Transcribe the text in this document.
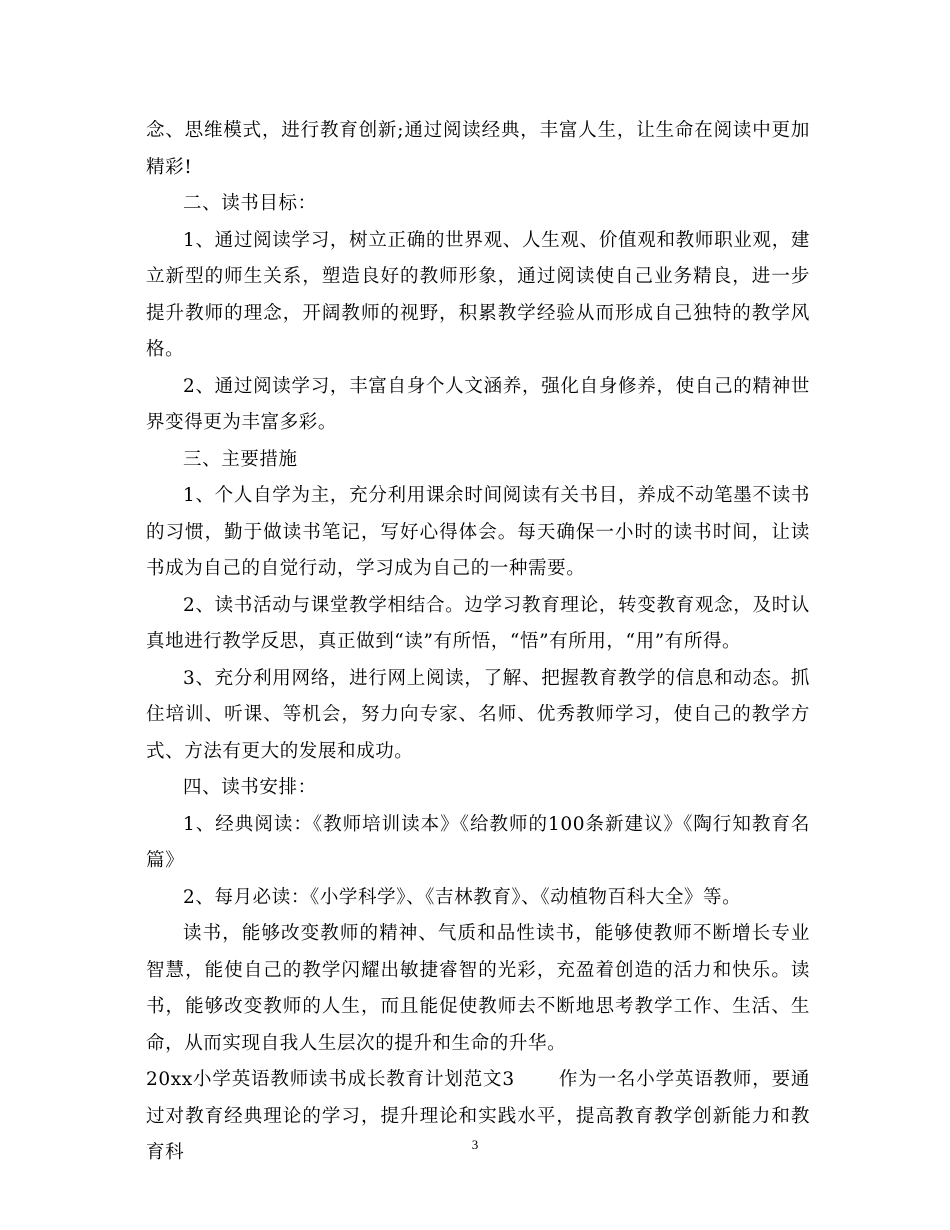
念、思维模式，进行教育创新;通过阅读经典，丰富人生，让生命在阅读中更加精彩!

二、读书目标：

1、通过阅读学习，树立正确的世界观、人生观、价值观和教师职业观，建立新型的师生关系，塑造良好的教师形象，通过阅读使自己业务精良，进一步提升教师的理念，开阔教师的视野，积累教学经验从而形成自己独特的教学风格。

2、通过阅读学习，丰富自身个人文涵养，强化自身修养，使自己的精神世界变得更为丰富多彩。

三、主要措施

1、个人自学为主，充分利用课余时间阅读有关书目，养成不动笔墨不读书的习惯，勤于做读书笔记，写好心得体会。每天确保一小时的读书时间，让读书成为自己的自觉行动，学习成为自己的一种需要。

2、读书活动与课堂教学相结合。边学习教育理论，转变教育观念，及时认真地进行教学反思，真正做到“读”有所悟，“悟”有所用，“用”有所得。

3、充分利用网络，进行网上阅读，了解、把握教育教学的信息和动态。抓住培训、听课、等机会，努力向专家、名师、优秀教师学习，使自己的教学方式、方法有更大的发展和成功。

四、读书安排：

1、经典阅读：《教师培训读本》《给教师的100条新建议》《陶行知教育名篇》

2、每月必读：《小学科学》、《吉林教育》、《动植物百科大全》等。

读书，能够改变教师的精神、气质和品性读书，能够使教师不断增长专业智慧，能使自己的教学闪耀出敏捷睿智的光彩，充盈着创造的活力和快乐。读书，能够改变教师的人生，而且能促使教师去不断地思考教学工作、生活、生命，从而实现自我人生层次的提升和生命的升华。

20xx小学英语教师读书成长教育计划范文3 作为一名小学英语教师，要通过对教育经典理论的学习，提升理论和实践水平，提高教育教学创新能力和教育科	3
